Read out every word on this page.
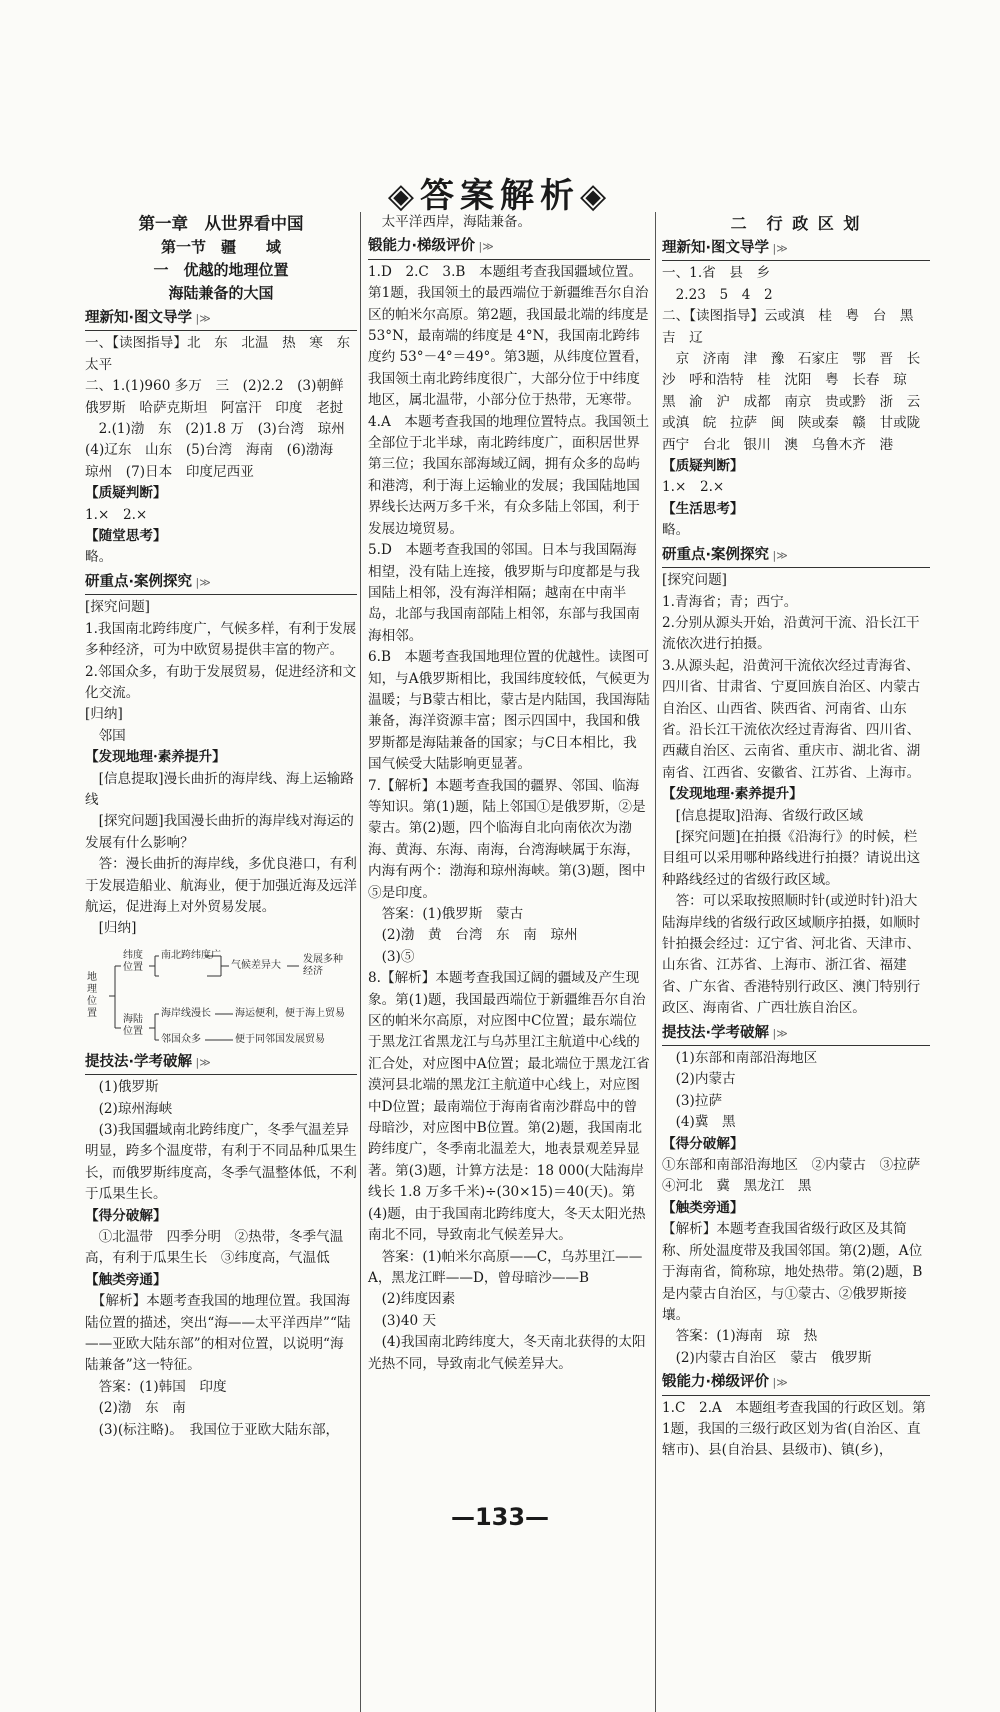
◈答案解析◈
第一章　从世界看中国
第一节　疆　　域
一　优越的地理位置
海陆兼备的大国
理新知·图文导学 |≫
一、【读图指导】北　东　北温　热　寒　东　太平
二、1.(1)960 多万　三　(2)2.2　(3)朝鲜　俄罗斯　哈萨克斯坦　阿富汗　印度　老挝
　2.(1)渤　东　(2)1.8 万　(3)台湾　琼州　(4)辽东　山东　(5)台湾　海南　(6)渤海　琼州　(7)日本　印度尼西亚
【质疑判断】
1.×　2.×
【随堂思考】
略。
研重点·案例探究 |≫
[探究问题]
1.我国南北跨纬度广，气候多样，有利于发展多种经济，可为中欧贸易提供丰富的物产。
2.邻国众多，有助于发展贸易，促进经济和文化交流。
[归纳]
　邻国
【发现地理·素养提升】
　[信息提取]漫长曲折的海岸线、海上运输路线
　[探究问题]我国漫长曲折的海岸线对海运的发展有什么影响？
　答：漫长曲折的海岸线，多优良港口，有利于发展造船业、航海业，便于加强近海及远洋航运，促进海上对外贸易发展。
　[归纳]
地理位置
纬度位置
南北跨纬度广
气候差异大
发展多种经济
海陆位置
海岸线漫长 海运便利，便于海上贸易
邻国众多	便于同邻国发展贸易
提技法·学考破解 |≫
　(1)俄罗斯
　(2)琼州海峡
　(3)我国疆域南北跨纬度广，冬季气温差异明显，跨多个温度带，有利于不同品种瓜果生长，而俄罗斯纬度高，冬季气温整体低，不利于瓜果生长。
【得分破解】
　①北温带　四季分明　②热带，冬季气温高，有利于瓜果生长　③纬度高，气温低
【触类旁通】
　【解析】本题考查我国的地理位置。我国海陆位置的描述，突出“海——太平洋西岸”“陆——亚欧大陆东部”的相对位置，以说明“海陆兼备”这一特征。
　答案：(1)韩国　印度
　(2)渤　东　南
　(3)(标注略)。　我国位于亚欧大陆东部，
　太平洋西岸，海陆兼备。
锻能力·梯级评价 |≫
1.D　2.C　3.B　本题组考查我国疆域位置。第1题，我国领土的最西端位于新疆维吾尔自治区的帕米尔高原。第2题，我国最北端的纬度是 53°N，最南端的纬度是 4°N，我国南北跨纬度约 53°－4°＝49°。第3题，从纬度位置看，我国领土南北跨纬度很广，大部分位于中纬度地区，属北温带，小部分位于热带，无寒带。
4.A　本题考查我国的地理位置特点。我国领土全部位于北半球，南北跨纬度广，面积居世界第三位；我国东部海域辽阔，拥有众多的岛屿和港湾，利于海上运输业的发展；我国陆地国界线长达两万多千米，有众多陆上邻国，利于发展边境贸易。
5.D　本题考查我国的邻国。日本与我国隔海相望，没有陆上连接，俄罗斯与印度都是与我国陆上相邻，没有海洋相隔；越南在中南半岛，北部与我国南部陆上相邻，东部与我国南海相邻。
6.B　本题考查我国地理位置的优越性。读图可知，与A俄罗斯相比，我国纬度较低，气候更为温暖；与B蒙古相比，蒙古是内陆国，我国海陆兼备，海洋资源丰富；图示四国中，我国和俄罗斯都是海陆兼备的国家；与C日本相比，我国气候受大陆影响更显著。
7.【解析】本题考查我国的疆界、邻国、临海等知识。第(1)题，陆上邻国①是俄罗斯，②是蒙古。第(2)题，四个临海自北向南依次为渤海、黄海、东海、南海，台湾海峡属于东海，内海有两个：渤海和琼州海峡。第(3)题，图中⑤是印度。
　答案：(1)俄罗斯　蒙古
　(2)渤　黄　台湾　东　南　琼州
　(3)⑤
8.【解析】本题考查我国辽阔的疆域及产生现象。第(1)题，我国最西端位于新疆维吾尔自治区的帕米尔高原，对应图中C位置；最东端位于黑龙江省黑龙江与乌苏里江主航道中心线的汇合处，对应图中A位置；最北端位于黑龙江省漠河县北端的黑龙江主航道中心线上，对应图中D位置；最南端位于海南省南沙群岛中的曾母暗沙，对应图中B位置。第(2)题，我国南北跨纬度广，冬季南北温差大，地表景观差异显著。第(3)题，计算方法是：18 000(大陆海岸线长 1.8 万多千米)÷(30×15)＝40(天)。第(4)题，由于我国南北跨纬度大，冬天太阳光热南北不同，导致南北气候差异大。
　答案：(1)帕米尔高原——C，乌苏里江——A，黑龙江畔——D，曾母暗沙——B
　(2)纬度因素
　(3)40 天
　(4)我国南北跨纬度大，冬天南北获得的太阳光热不同，导致南北气候差异大。
二　行 政 区 划
理新知·图文导学 |≫
一、1.省　县　乡
　2.23　5　4　2
二、【读图指导】云或滇　桂　粤　台　黑　吉　辽
　京　济南　津　豫　石家庄　鄂　晋　长沙　呼和浩特　桂　沈阳　粤　长春　琼　黑　渝　沪　成都　南京　贵或黔　浙　云或滇　皖　拉萨　闽　陕或秦　赣　甘或陇　西宁　台北　银川　澳　乌鲁木齐　港
【质疑判断】
1.×　2.×
【生活思考】
略。
研重点·案例探究 |≫
[探究问题]
1.青海省；青；西宁。
2.分别从源头开始，沿黄河干流、沿长江干流依次进行拍摄。
3.从源头起，沿黄河干流依次经过青海省、四川省、甘肃省、宁夏回族自治区、内蒙古自治区、山西省、陕西省、河南省、山东省。沿长江干流依次经过青海省、四川省、西藏自治区、云南省、重庆市、湖北省、湖南省、江西省、安徽省、江苏省、上海市。
【发现地理·素养提升】
　[信息提取]沿海、省级行政区域
　[探究问题]在拍摄《沿海行》的时候，栏目组可以采用哪种路线进行拍摄？请说出这种路线经过的省级行政区域。
　答：可以采取按照顺时针(或逆时针)沿大陆海岸线的省级行政区域顺序拍摄，如顺时针拍摄会经过：辽宁省、河北省、天津市、山东省、江苏省、上海市、浙江省、福建省、广东省、香港特别行政区、澳门特别行政区、海南省、广西壮族自治区。
提技法·学考破解 |≫
　(1)东部和南部沿海地区
　(2)内蒙古
　(3)拉萨
　(4)冀　黑
【得分破解】
①东部和南部沿海地区　②内蒙古　③拉萨　④河北　冀　黑龙江　黑
【触类旁通】
【解析】本题考查我国省级行政区及其简称、所处温度带及我国邻国。第(2)题，A位于海南省，简称琼，地处热带。第(2)题，B是内蒙古自治区，与①蒙古、②俄罗斯接壤。
　答案：(1)海南　琼　热
　(2)内蒙古自治区　蒙古　俄罗斯
锻能力·梯级评价 |≫
1.C　2.A　本题组考查我国的行政区划。第1题，我国的三级行政区划为省(自治区、直辖市)、县(自治县、县级市)、镇(乡)，
—133—
